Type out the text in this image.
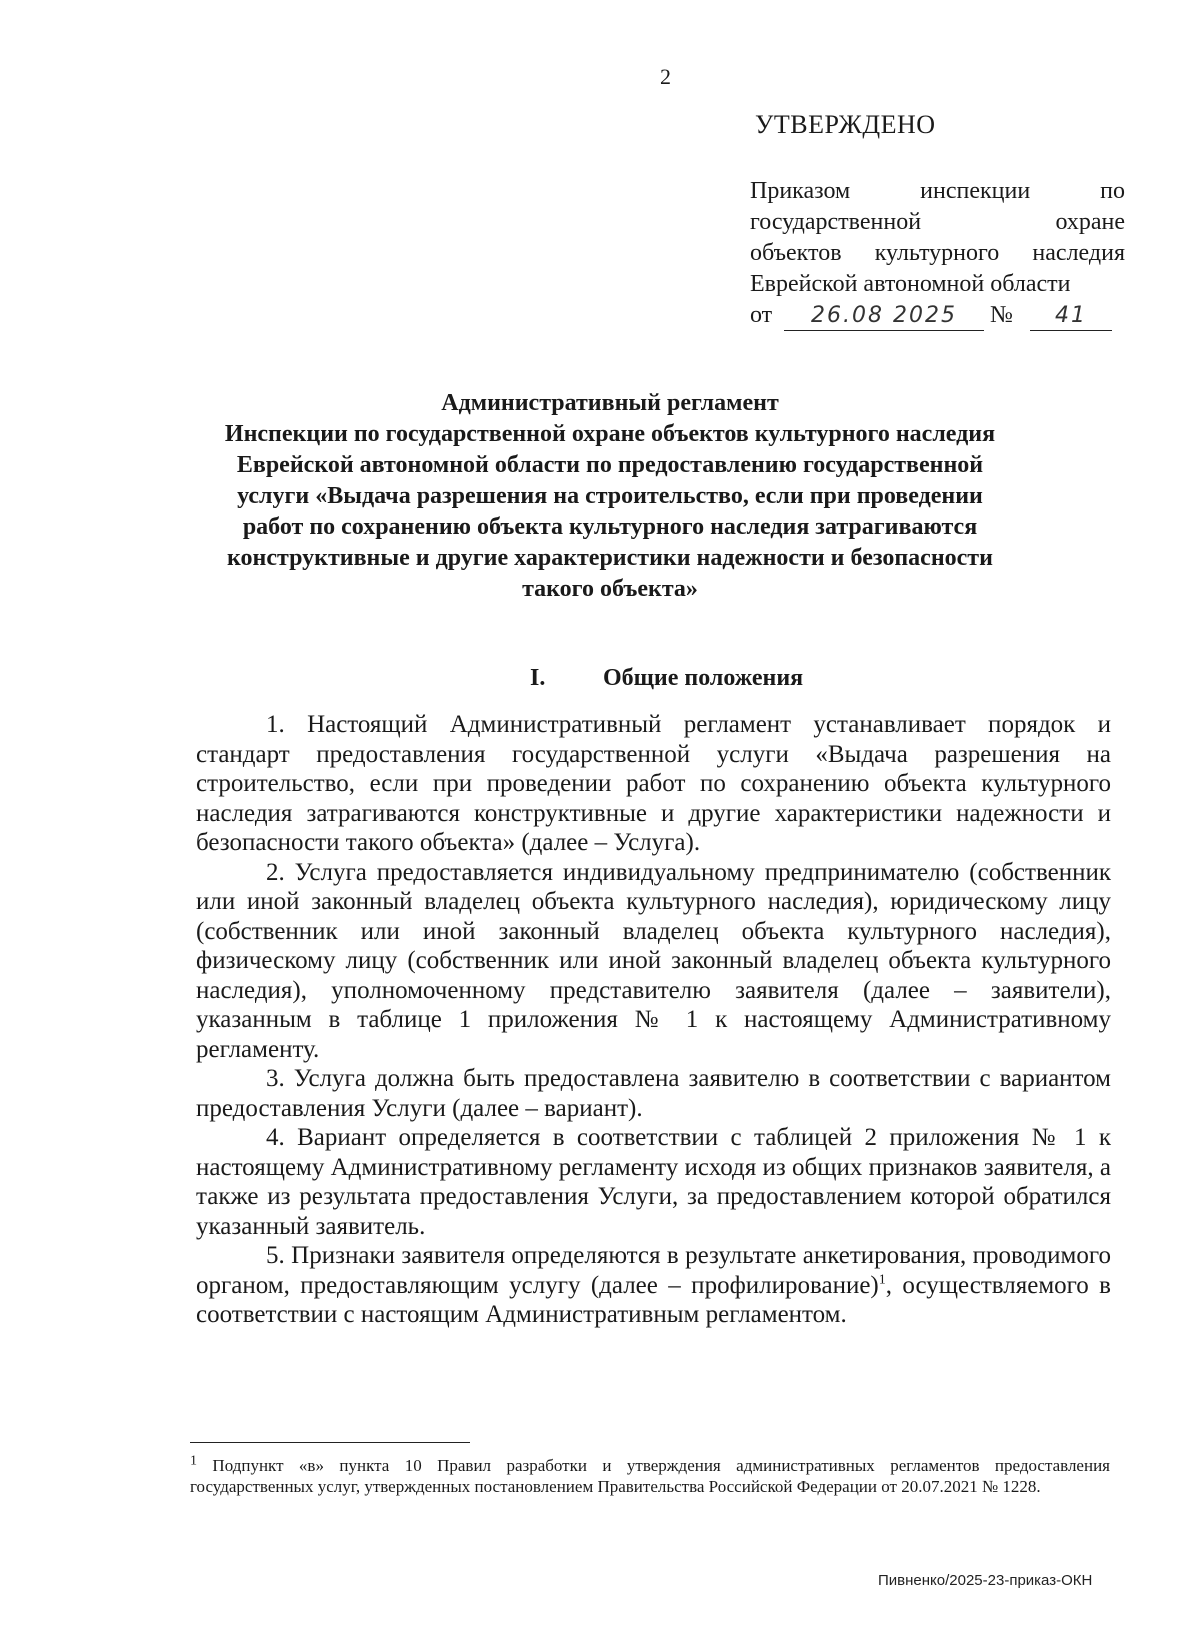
2
УТВЕРЖДЕНО
Приказом инспекции по
государственной охране
объектов культурного наследия
Еврейской автономной области
от	26.08 2025	№	41
Административный регламент
Инспекции по государственной охране объектов культурного наследия
Еврейской автономной области по предоставлению государственной
услуги «Выдача разрешения на строительство, если при проведении
работ по сохранению объекта культурного наследия затрагиваются
конструктивные и другие характеристики надежности и безопасности
такого объекта»
I. Общие положения

1. Настоящий Административный регламент устанавливает порядок и стандарт предоставления государственной услуги «Выдача разрешения на строительство, если при проведении работ по сохранению объекта культурного наследия затрагиваются конструктивные и другие характеристики надежности и безопасности такого объекта» (далее – Услуга).

2. Услуга предоставляется индивидуальному предпринимателю (собственник или иной законный владелец объекта культурного наследия), юридическому лицу (собственник или иной законный владелец объекта культурного наследия), физическому лицу (собственник или иной законный владелец объекта культурного наследия), уполномоченному представителю заявителя (далее – заявители), указанным в таблице 1 приложения № 1 к настоящему Административному регламенту.

3. Услуга должна быть предоставлена заявителю в соответствии с вариантом предоставления Услуги (далее – вариант).

4. Вариант определяется в соответствии с таблицей 2 приложения № 1 к настоящему Административному регламенту исходя из общих признаков заявителя, а также из результата предоставления Услуги, за предоставлением которой обратился указанный заявитель.

5. Признаки заявителя определяются в результате анкетирования, проводимого органом, предоставляющим услугу (далее – профилирование)$^1$, осуществляемого в соответствии с настоящим Административным регламентом.

$^1$ Подпункт «в» пункта 10 Правил разработки и утверждения административных регламентов предоставления государственных услуг, утвержденных постановлением Правительства Российской Федерации от 20.07.2021 № 1228.
Пивненко/2025-23-приказ-ОКН
